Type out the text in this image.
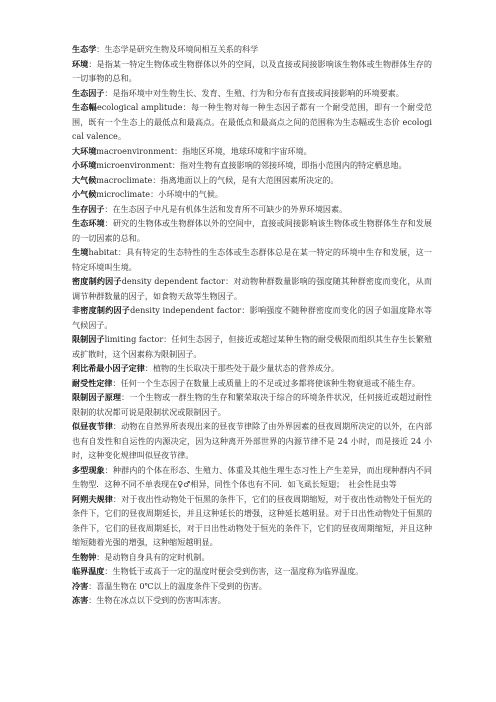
生态学：生态学是研究生物及环境间相互关系的科学

环境：是指某一特定生物体或生物群体以外的空间，以及直接或间接影响该生物体或生物群体生存的一切事物的总和。

生态因子：是指环境中对生物生长、发育、生殖、行为和分布有直接或间接影响的环境要素。

生态幅ecological amplitude：每一种生物对每一种生态因子都有一个耐受范围，即有一个耐受范围，既有一个生态上的最低点和最高点。在最低点和最高点之间的范围称为生态幅或生态价 ecological valence。

大环境macroenvironment：指地区环境，地球环境和宇宙环境。

小环境microenvironment：指对生物有直接影响的邻接环境，即指小范围内的特定栖息地。

大气候macroclimate：指离地面以上的气候，是有大范围因素所决定的。

小气候microclimate：小环境中的气候。

生存因子：在生态因子中凡是有机体生活和发育所不可缺少的外界环境因素。

生态环境：研究的生物体或生物群体以外的空间中，直接或间接影响该生物体或生物群体生存和发展的一切因素的总和。

生境habitat：具有特定的生态特性的生态体或生态群体总是在某一特定的环境中生存和发展，这一特定环境叫生境。

密度制约因子density dependent factor：对动物种群数量影响的强度随其种群密度而变化，从而调节种群数量的因子，如食物天敌等生物因子。

非密度制约因子density independent factor：影响强度不随种群密度而变化的因子如温度降水等气候因子。

限制因子limiting factor：任何生态因子，但接近或超过某种生物的耐受极限而组织其生存生长繁殖或扩散时，这个因素称为限制因子。

利比希最小因子定律：植物的生长取决于那些处于最少量状态的营养成分。

耐受性定律：任何一个生态因子在数量上或质量上的不足或过多都将使该种生物衰退或不能生存。

限制因子原理：一个生物或一群生物的生存和繁荣取决于综合的环境条件状况，任何接近或超过耐性限制的状况都可说是限制状况或限制因子。

似昼夜节律：动物在自然界所表现出来的昼夜节律除了由外界因素的昼夜周期所决定的以外，在内部也有自发性和自运性的内源决定，因为这种离开外部世界的内源节律不是 24 小时，而是接近 24 小时，这种变化规律叫似昼夜节律。

多型现象：种群内的个体在形态、生殖力、体重及其他生理生态习性上产生差异，而出现种群内不同生物型．这种不同不单表现在♀♂相异，同性个体也有不同．如飞虱长短翅；　社会性昆虫等

阿朔夫规律：对于夜出性动物处于恒黑的条件下，它们的昼夜周期缩短，对于夜出性动物处于恒光的条件下，它们的昼夜周期延长，并且这种延长的增强，这种延长越明显。对于日出性动物处于恒黑的条件下，它们的昼夜周期延长，对于日出性动物处于恒光的条件下，它们的昼夜周期缩短，并且这种缩短随着光强的增强，这种缩短越明显。

生物钟：是动物自身具有的定时机制。

临界温度：生物低于或高于一定的温度时便会受到伤害，这一温度称为临界温度。

冷害：喜温生物在 0℃以上的温度条件下受到的伤害。

冻害：生物在冰点以下受到的伤害叫冻害。
